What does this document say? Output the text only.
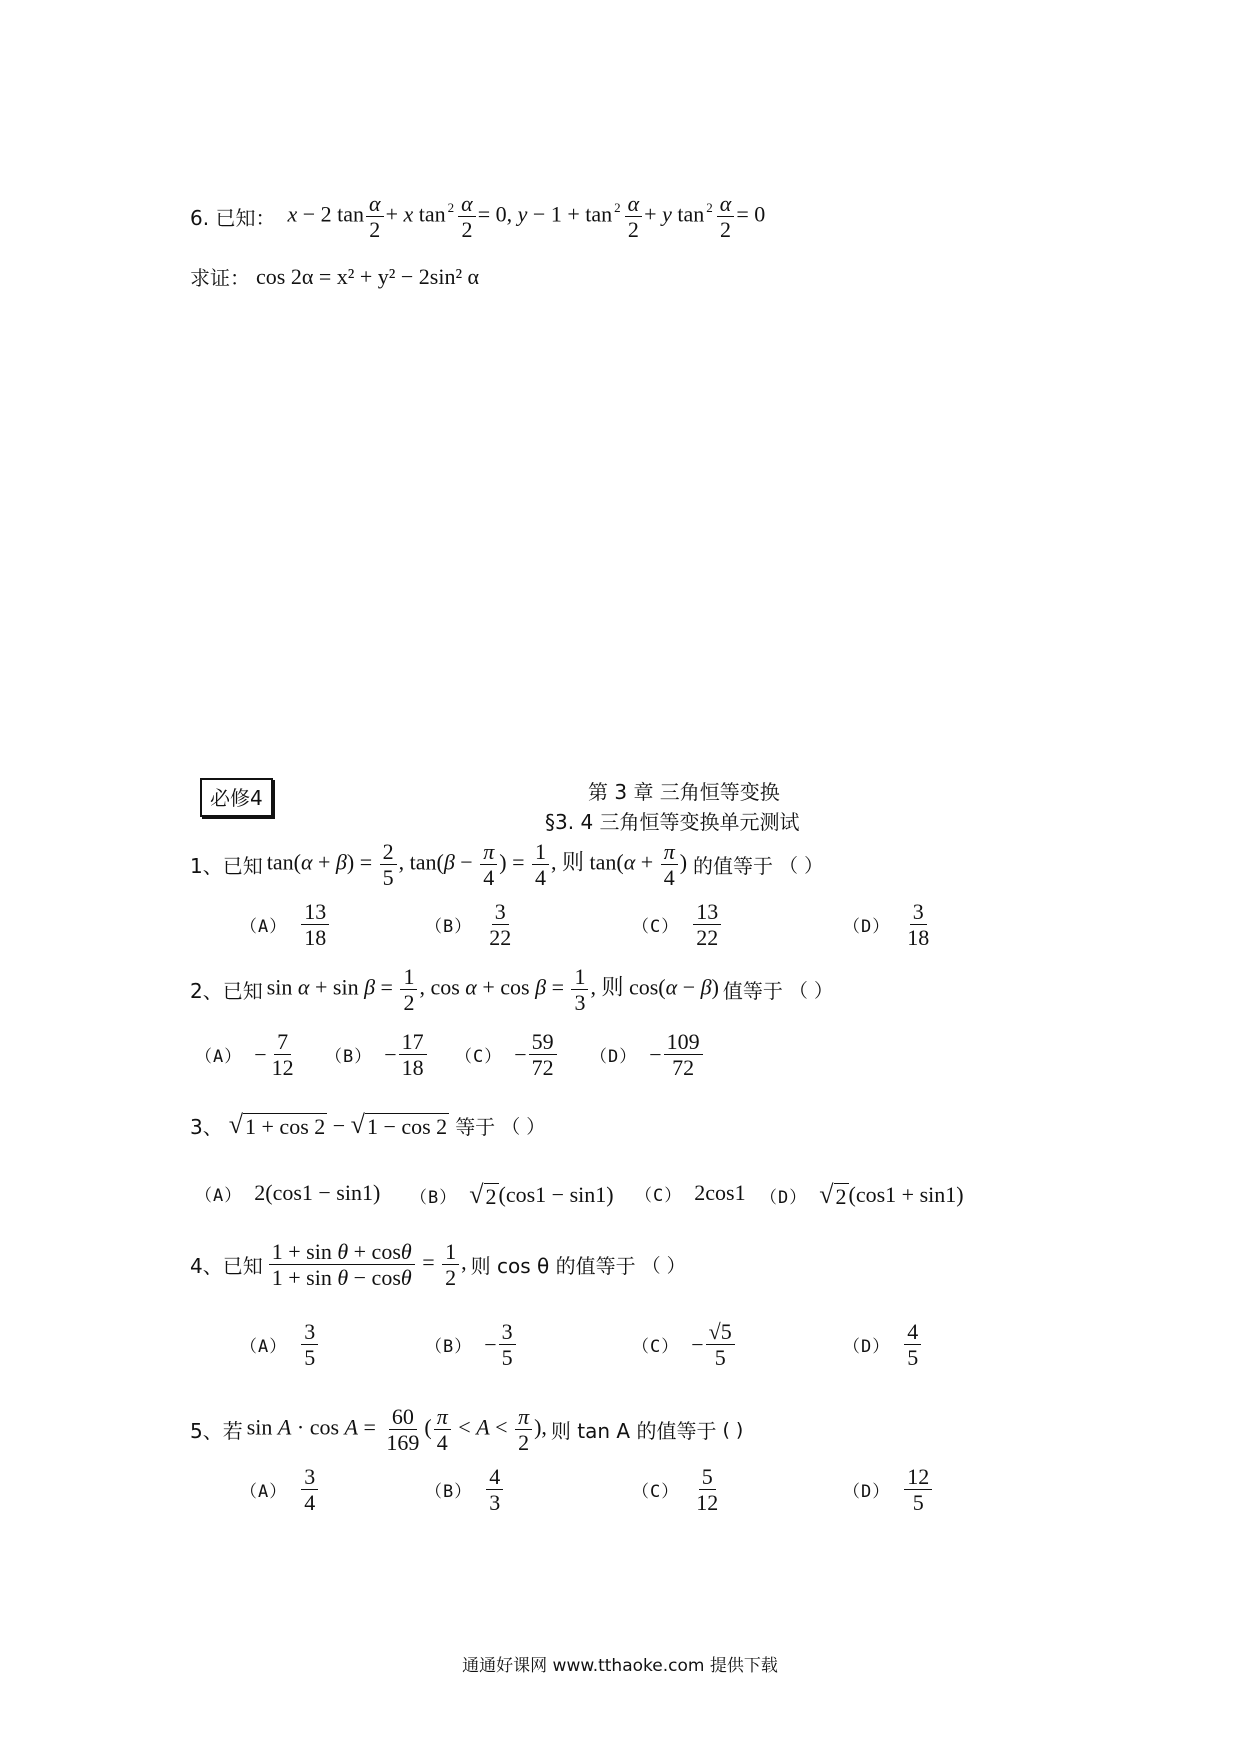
6. 已知： x − 2 $\tan \frac{\alpha}{2} + x$ $\tan ^2 \frac{\alpha}{2} = 0$, $y - 1 + \tan ^2 \frac{\alpha}{2} + y$ $\tan ^2 \frac{\alpha}{2} = 0$
求证： cos 2α = x² + y² − 2sin² α
必修4	第 3 章 三角恒等变换
§3. 4 三角恒等变换单元测试
1、 已知 $\tan(\alpha + \beta) = \frac{2}{5}$ , $\tan(\beta - \frac{\pi}{4}$ ) = $\frac{1}{4}$ , 则 $\tan(\alpha + \frac{\pi}{4}$ ) 的值等于 （ ）
$(A) \frac{13}{18}$	$(B) \frac{3}{22}$	$(C) \frac{13}{22}$	$(D) \frac{3}{18}$
2、 已知 $\sin \alpha + \sin \beta = \frac{1}{2}$ , $\cos \alpha + \cos \beta = \frac{1}{3}$ , 则 cos(α − β) 值等于 （ ）
$(A) - \frac{7}{12} (B) - \frac{17}{18} (C) - \frac{59}{72} (D) - \frac{109}{72}$
3、 √ 1 + cos 2 − √ 1 − cos 2 等于 （ ）
（A） 2(cos1 − sin1) （B） √ 2 (cos1 − sin1) （C） 2cos1 （D） √ 2 (cos1 + sin1)
4、 已知 $\frac{\text{1 + sin θ + cosθ}}{\text{1 + sin θ − cosθ}} = \frac{1}{2}$ , 则 cos θ 的值等于 （ ）
$(A) \frac{3}{5}$	$(B) - \frac{3}{5}$	$(C) - \frac{√5}{5}$	$(D) \frac{4}{5}$
5、 若 $\sin A \cdot \cos A = \frac{60}{169}$ ( $\frac{\pi}{4} < A < \frac{\pi}{2}$ ), 则 tan A 的值等于 ( )
$(A) \frac{3}{4}$	$(B) \frac{4}{3}$	$(C) \frac{5}{12}$	$(D) \frac{12}{5}$
通通好课网 www.tthaoke.com 提供下载
